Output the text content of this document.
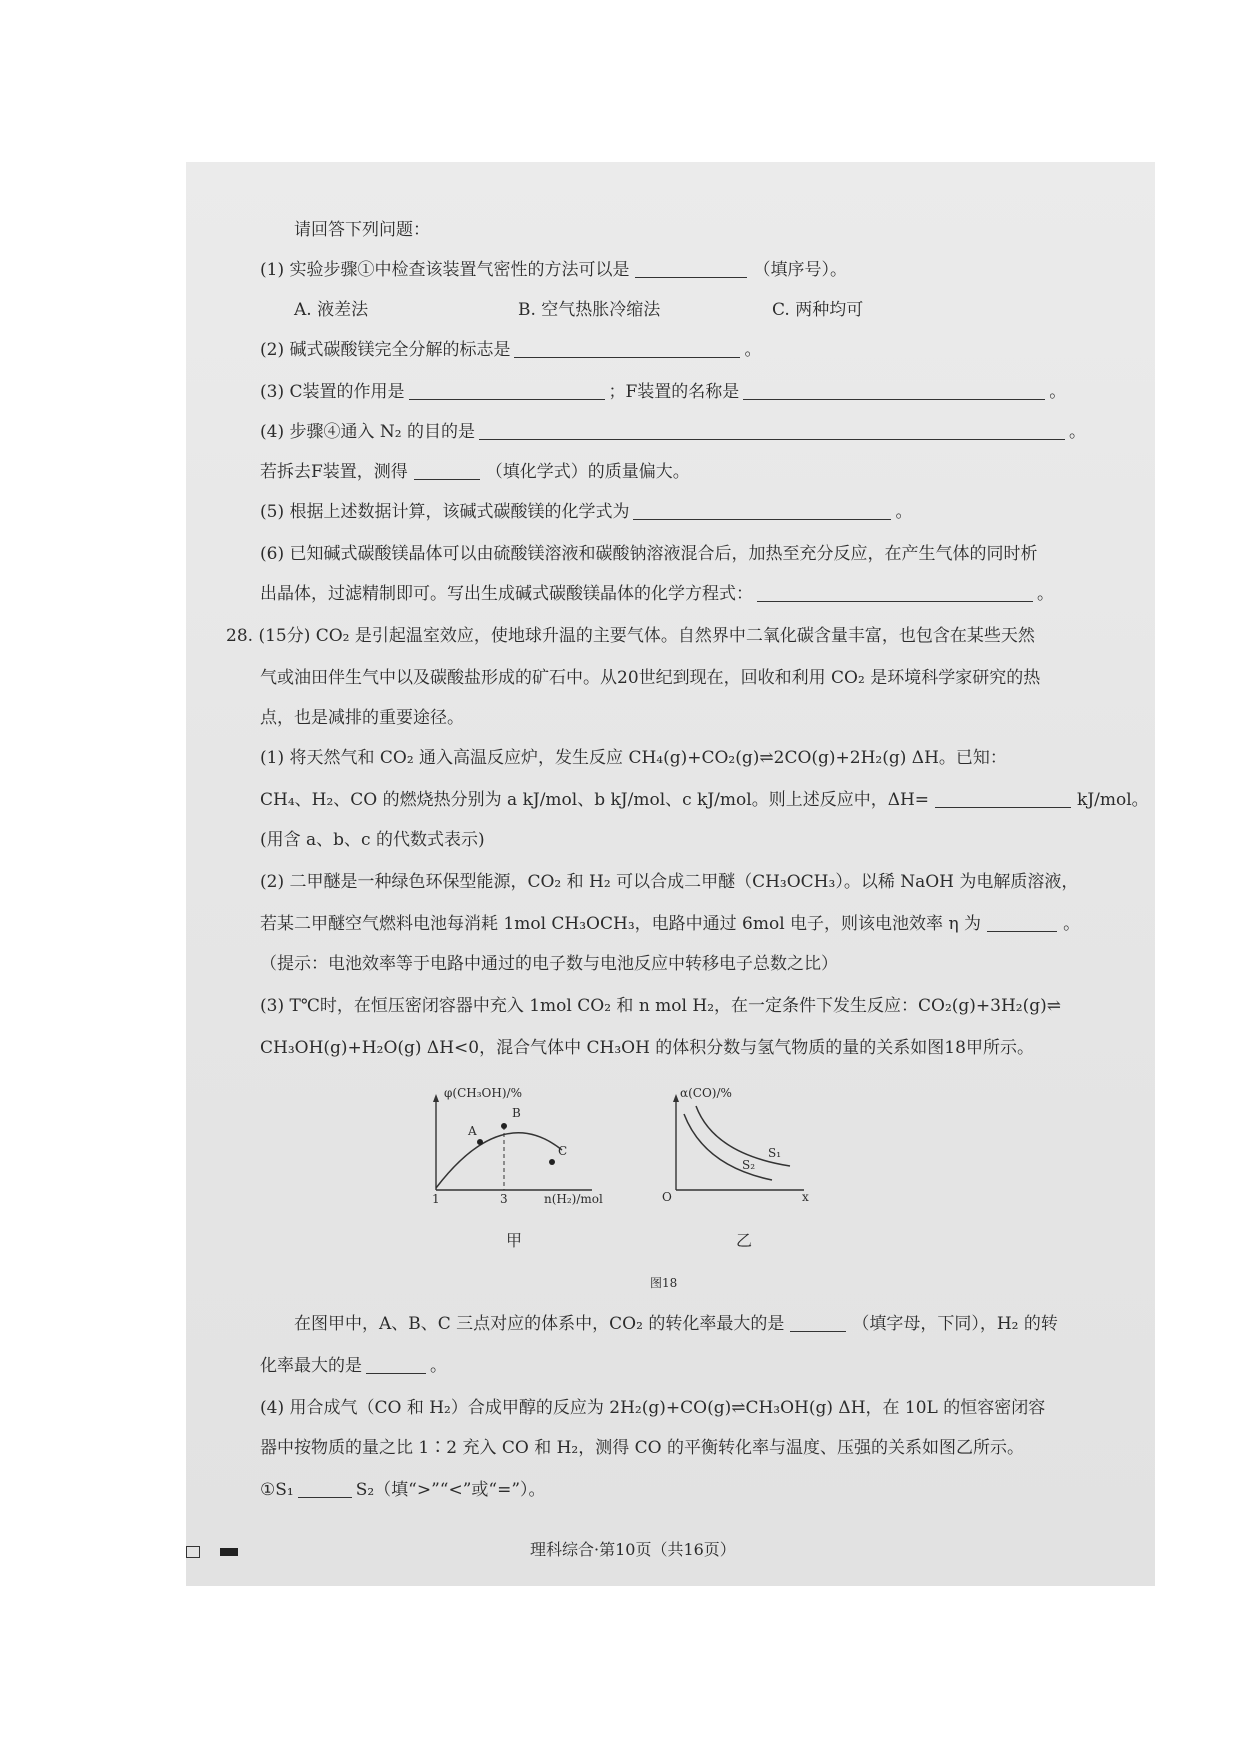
请回答下列问题：
(1) 实验步骤①中检查该装置气密性的方法可以是	（填序号）。
A. 液差法	B. 空气热胀冷缩法	C. 两种均可
(2) 碱式碳酸镁完全分解的标志是	。
(3) C装置的作用是	；F装置的名称是	。
(4) 步骤④通入 N₂ 的目的是	。
若拆去F装置，测得	（填化学式）的质量偏大。
(5) 根据上述数据计算，该碱式碳酸镁的化学式为	。
(6) 已知碱式碳酸镁晶体可以由硫酸镁溶液和碳酸钠溶液混合后，加热至充分反应，在产生气体的同时析
出晶体，过滤精制即可。写出生成碱式碳酸镁晶体的化学方程式：	。
28. (15分) CO₂ 是引起温室效应，使地球升温的主要气体。自然界中二氧化碳含量丰富，也包含在某些天然
气或油田伴生气中以及碳酸盐形成的矿石中。从20世纪到现在，回收和利用 CO₂ 是环境科学家研究的热
点，也是减排的重要途径。
(1) 将天然气和 CO₂ 通入高温反应炉，发生反应 CH₄(g)+CO₂(g)⇌2CO(g)+2H₂(g) ΔH。已知：
CH₄、H₂、CO 的燃烧热分别为 a kJ/mol、b kJ/mol、c kJ/mol。则上述反应中，ΔH=	kJ/mol。
(用含 a、b、c 的代数式表示)
(2) 二甲醚是一种绿色环保型能源，CO₂ 和 H₂ 可以合成二甲醚（CH₃OCH₃）。以稀 NaOH 为电解质溶液，
若某二甲醚空气燃料电池每消耗 1mol CH₃OCH₃，电路中通过 6mol 电子，则该电池效率 η 为	。
（提示：电池效率等于电路中通过的电子数与电池反应中转移电子总数之比）
(3) T℃时，在恒压密闭容器中充入 1mol CO₂ 和 n mol H₂，在一定条件下发生反应：CO₂(g)+3H₂(g)⇌
CH₃OH(g)+H₂O(g) ΔH<0，混合气体中 CH₃OH 的体积分数与氢气物质的量的关系如图18甲所示。
φ(CH₃OH)/%
B
A
C
1	3	n(H₂)/mol
甲
α(CO)/%
S₁
S₂
O	x
乙
图18
在图甲中，A、B、C 三点对应的体系中，CO₂ 的转化率最大的是	（填字母，下同），H₂ 的转
化率最大的是	。
(4) 用合成气（CO 和 H₂）合成甲醇的反应为 2H₂(g)+CO(g)⇌CH₃OH(g) ΔH，在 10L 的恒容密闭容
器中按物质的量之比 1∶2 充入 CO 和 H₂，测得 CO 的平衡转化率与温度、压强的关系如图乙所示。
①S₁	S₂（填“>”“<”或“=”）。
理科综合·第10页（共16页）
